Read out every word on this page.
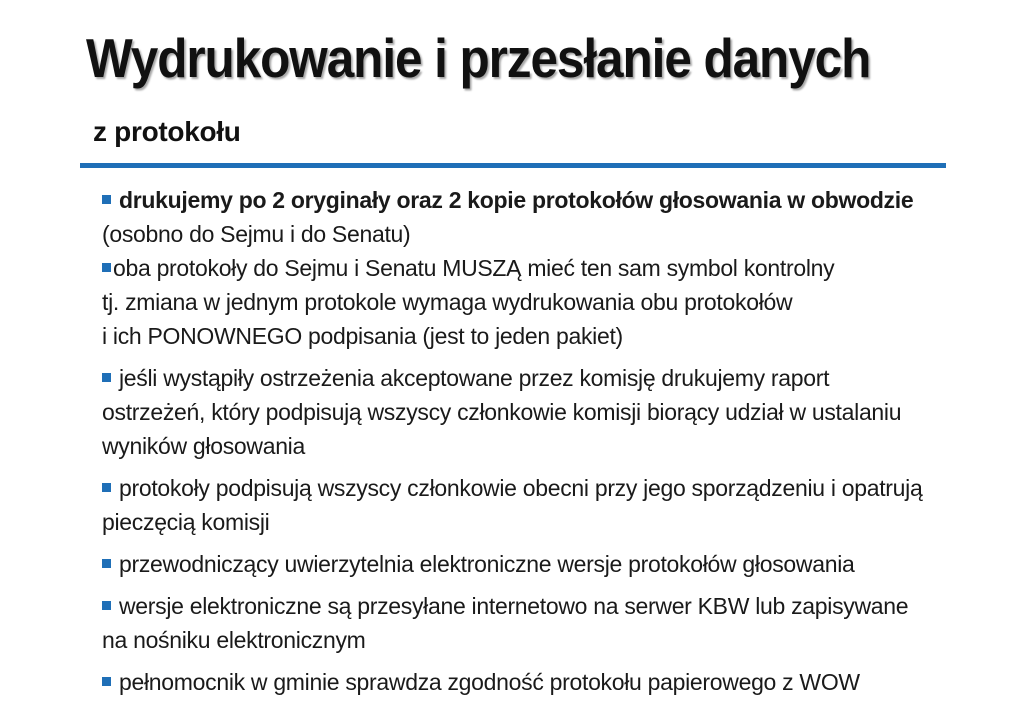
Wydrukowanie i przesłanie danych
z protokołu

drukujemy po 2 oryginały oraz 2 kopie protokołów głosowania w obwodzie
(osobno do Sejmu i do Senatu)

oba protokoły do Sejmu i Senatu MUSZĄ mieć ten sam symbol kontrolny
tj. zmiana w jednym protokole wymaga wydrukowania obu protokołów
i ich PONOWNEGO podpisania (jest to jeden pakiet)

jeśli wystąpiły ostrzeżenia akceptowane przez komisję drukujemy raport
ostrzeżeń, który podpisują wszyscy członkowie komisji biorący udział w ustalaniu
wyników głosowania

protokoły podpisują wszyscy członkowie obecni przy jego sporządzeniu i opatrują
pieczęcią komisji

przewodniczący uwierzytelnia elektroniczne wersje protokołów głosowania

wersje elektroniczne są przesyłane internetowo na serwer KBW lub zapisywane
na nośniku elektronicznym

pełnomocnik w gminie sprawdza zgodność protokołu papierowego z WOW
